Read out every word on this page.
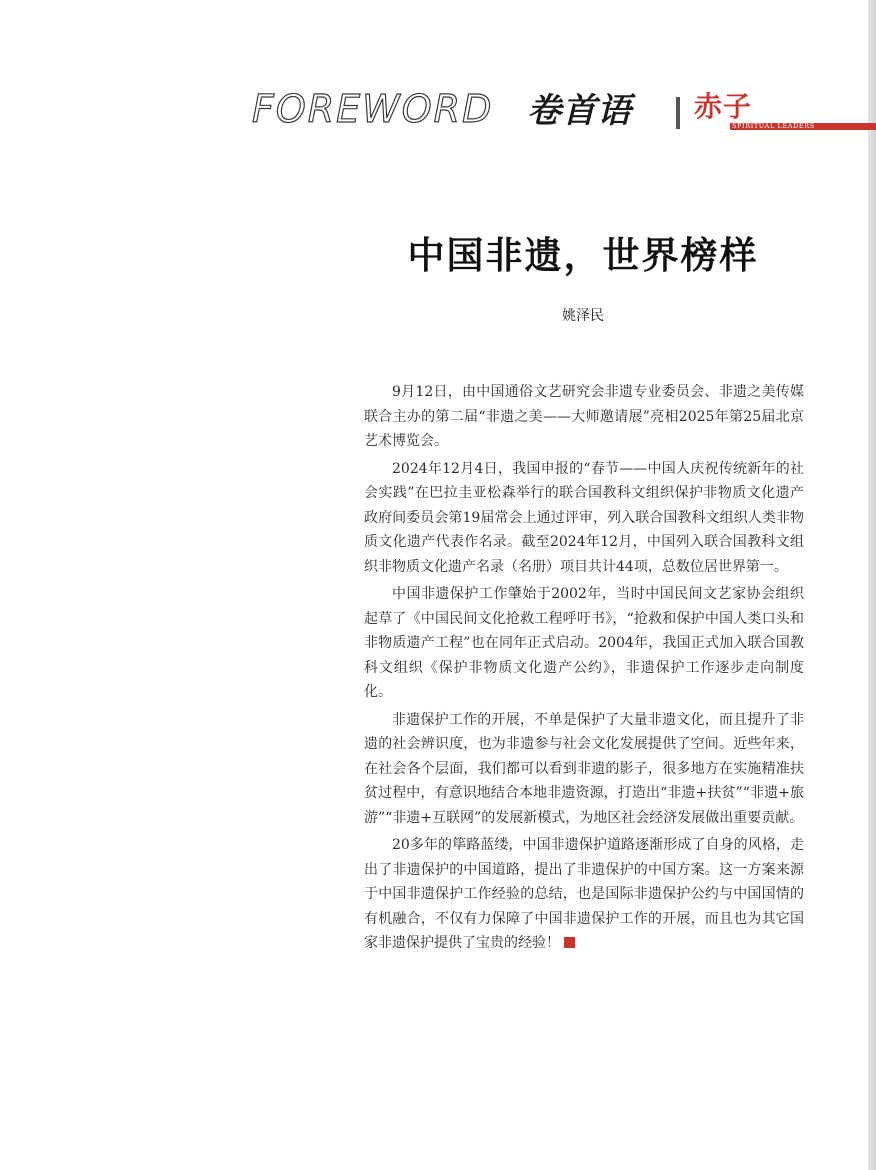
FOREWORD 卷首语 赤子
SPIRITUAL LEADERS
中国非遗，世界榜样
姚泽民

9月12日，由中国通俗文艺研究会非遗专业委员会、非遗之美传媒联合主办的第二届“非遗之美——大师邀请展”亮相2025年第25届北京艺术博览会。

2024年12月4日，我国申报的“春节——中国人庆祝传统新年的社会实践”在巴拉圭亚松森举行的联合国教科文组织保护非物质文化遗产政府间委员会第19届常会上通过评审，列入联合国教科文组织人类非物质文化遗产代表作名录。截至2024年12月，中国列入联合国教科文组织非物质文化遗产名录（名册）项目共计44项，总数位居世界第一。

中国非遗保护工作肇始于2002年，当时中国民间文艺家协会组织起草了《中国民间文化抢救工程呼吁书》，“抢救和保护中国人类口头和非物质遗产工程”也在同年正式启动。2004年，我国正式加入联合国教科文组织《保护非物质文化遗产公约》，非遗保护工作逐步走向制度化。

非遗保护工作的开展，不单是保护了大量非遗文化，而且提升了非遗的社会辨识度，也为非遗参与社会文化发展提供了空间。近些年来，在社会各个层面，我们都可以看到非遗的影子，很多地方在实施精准扶贫过程中，有意识地结合本地非遗资源，打造出“非遗+扶贫”“非遗+旅游”“非遗+互联网”的发展新模式，为地区社会经济发展做出重要贡献。

20多年的筚路蓝缕，中国非遗保护道路逐渐形成了自身的风格，走出了非遗保护的中国道路，提出了非遗保护的中国方案。这一方案来源于中国非遗保护工作经验的总结，也是国际非遗保护公约与中国国情的有机融合，不仅有力保障了中国非遗保护工作的开展，而且也为其它国家非遗保护提供了宝贵的经验！
